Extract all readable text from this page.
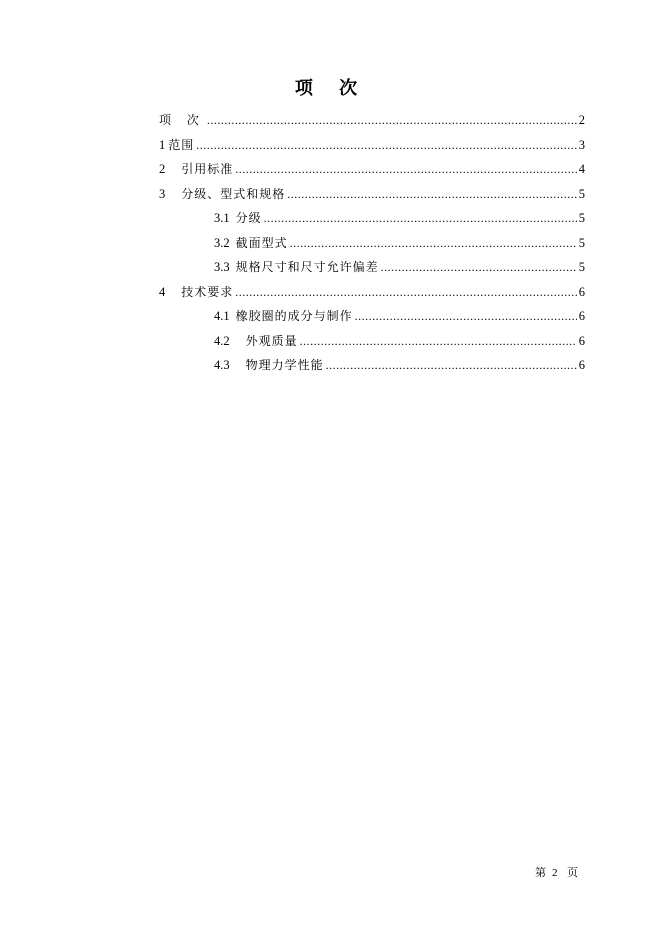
项 次
项 次 .....	2
1 范围 .....	3
2 引用标准 .....	4
3 分级、型式和规格 .....	5
3.1 分级 .....	5
3.2 截面型式 .....	5
3.3 规格尺寸和尺寸允许偏差 .....	5
4 技术要求 .....	6
4.1 橡胶圈的成分与制作 .....	6
4.2 外观质量 .....	6
4.3 物理力学性能 .....	6
第 2 页
